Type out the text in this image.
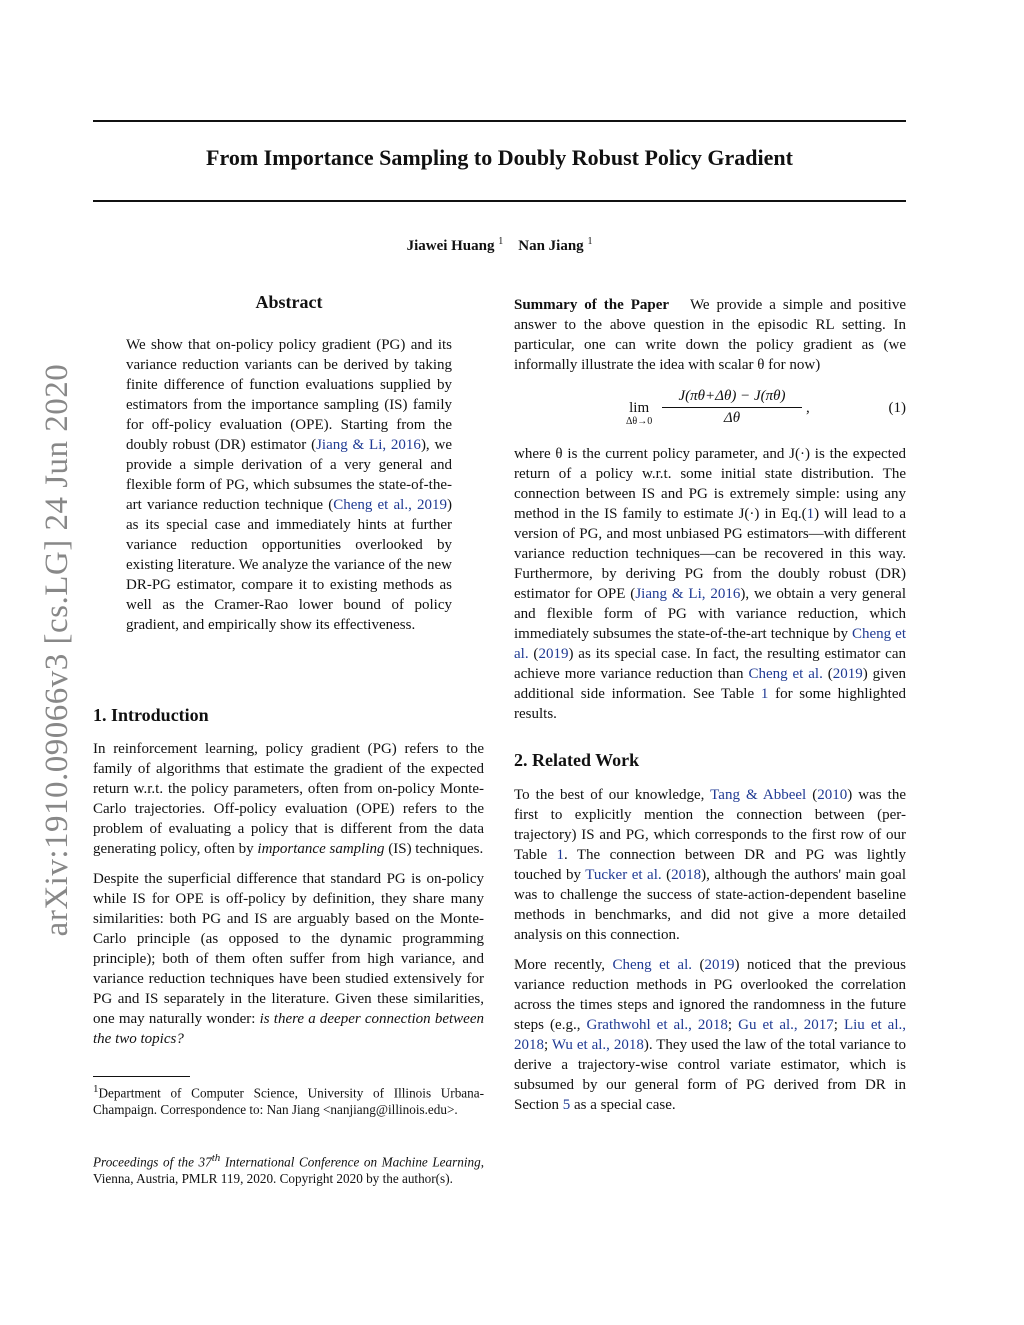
From Importance Sampling to Doubly Robust Policy Gradient
Jiawei Huang $^1$ Nan Jiang $^1$
arXiv:1910.09066v3 [cs.LG] 24 Jun 2020
Abstract

We show that on-policy policy gradient (PG) and its variance reduction variants can be derived by taking finite difference of function evaluations supplied by estimators from the importance sampling (IS) family for off-policy evaluation (OPE). Starting from the doubly robust (DR) estimator (Jiang & Li, 2016), we provide a simple derivation of a very general and flexible form of PG, which subsumes the state-of-the-art variance reduction technique (Cheng et al., 2019) as its special case and immediately hints at further variance reduction opportunities overlooked by existing literature. We analyze the variance of the new DR-PG estimator, compare it to existing methods as well as the Cramer-Rao lower bound of policy gradient, and empirically show its effectiveness.

1. Introduction

In reinforcement learning, policy gradient (PG) refers to the family of algorithms that estimate the gradient of the expected return w.r.t. the policy parameters, often from on-policy Monte-Carlo trajectories. Off-policy evaluation (OPE) refers to the problem of evaluating a policy that is different from the data generating policy, often by importance sampling (IS) techniques.

Despite the superficial difference that standard PG is on-policy while IS for OPE is off-policy by definition, they share many similarities: both PG and IS are arguably based on the Monte-Carlo principle (as opposed to the dynamic programming principle); both of them often suffer from high variance, and variance reduction techniques have been studied extensively for PG and IS separately in the literature. Given these similarities, one may naturally wonder: is there a deeper connection between the two topics?

$^1$Department of Computer Science, University of Illinois Urbana-Champaign. Correspondence to: Nan Jiang <nanjiang@illinois.edu>.
Proceedings of the 37th International Conference on Machine Learning, Vienna, Austria, PMLR 119, 2020. Copyright 2020 by the author(s).

Summary of the Paper We provide a simple and positive answer to the above question in the episodic RL setting. In particular, one can write down the policy gradient as (we informally illustrate the idea with scalar θ for now)

lim
$\Delta\theta\to 0 \frac{J(\pi\theta+\Delta\theta) - J(\pi\theta)}{\Delta\theta}$ ,	(1)

where θ is the current policy parameter, and J(·) is the expected return of a policy w.r.t. some initial state distribution. The connection between IS and PG is extremely simple: using any method in the IS family to estimate J(·) in Eq.(1) will lead to a version of PG, and most unbiased PG estimators—with different variance reduction techniques—can be recovered in this way. Furthermore, by deriving PG from the doubly robust (DR) estimator for OPE (Jiang & Li, 2016), we obtain a very general and flexible form of PG with variance reduction, which immediately subsumes the state-of-the-art technique by Cheng et al. (2019) as its special case. In fact, the resulting estimator can achieve more variance reduction than Cheng et al. (2019) given additional side information. See Table 1 for some highlighted results.

2. Related Work

To the best of our knowledge, Tang & Abbeel (2010) was the first to explicitly mention the connection between (per-trajectory) IS and PG, which corresponds to the first row of our Table 1. The connection between DR and PG was lightly touched by Tucker et al. (2018), although the authors' main goal was to challenge the success of state-action-dependent baseline methods in benchmarks, and did not give a more detailed analysis on this connection.

More recently, Cheng et al. (2019) noticed that the previous variance reduction methods in PG overlooked the correlation across the times steps and ignored the randomness in the future steps (e.g., Grathwohl et al., 2018; Gu et al., 2017; Liu et al., 2018; Wu et al., 2018). They used the law of the total variance to derive a trajectory-wise control variate estimator, which is subsumed by our general form of PG derived from DR in Section 5 as a special case.
